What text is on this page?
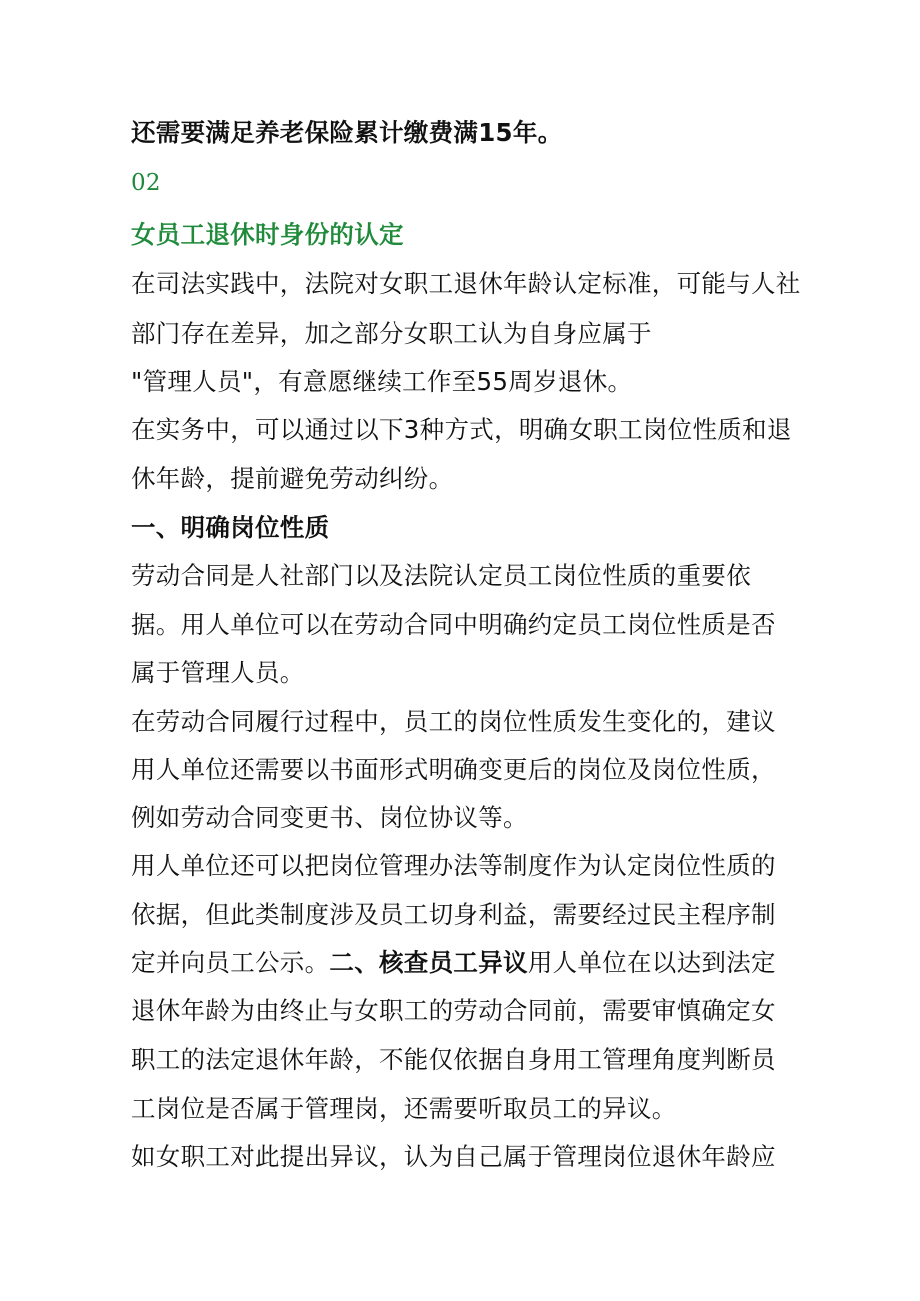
还需要满足养老保险累计缴费满15年。
02
女员工退休时身份的认定
在司法实践中，法院对女职工退休年龄认定标准，可能与人社
部门存在差异，加之部分女职工认为自身应属于
"管理人员"，有意愿继续工作至55周岁退休。
在实务中，可以通过以下3种方式，明确女职工岗位性质和退
休年龄，提前避免劳动纠纷。
一、明确岗位性质
劳动合同是人社部门以及法院认定员工岗位性质的重要依
据。用人单位可以在劳动合同中明确约定员工岗位性质是否
属于管理人员。
在劳动合同履行过程中，员工的岗位性质发生变化的，建议
用人单位还需要以书面形式明确变更后的岗位及岗位性质，
例如劳动合同变更书、岗位协议等。
用人单位还可以把岗位管理办法等制度作为认定岗位性质的
依据，但此类制度涉及员工切身利益，需要经过民主程序制
定并向员工公示。二、核查员工异议用人单位在以达到法定
退休年龄为由终止与女职工的劳动合同前，需要审慎确定女
职工的法定退休年龄，不能仅依据自身用工管理角度判断员
工岗位是否属于管理岗，还需要听取员工的异议。
如女职工对此提出异议，认为自己属于管理岗位退休年龄应
